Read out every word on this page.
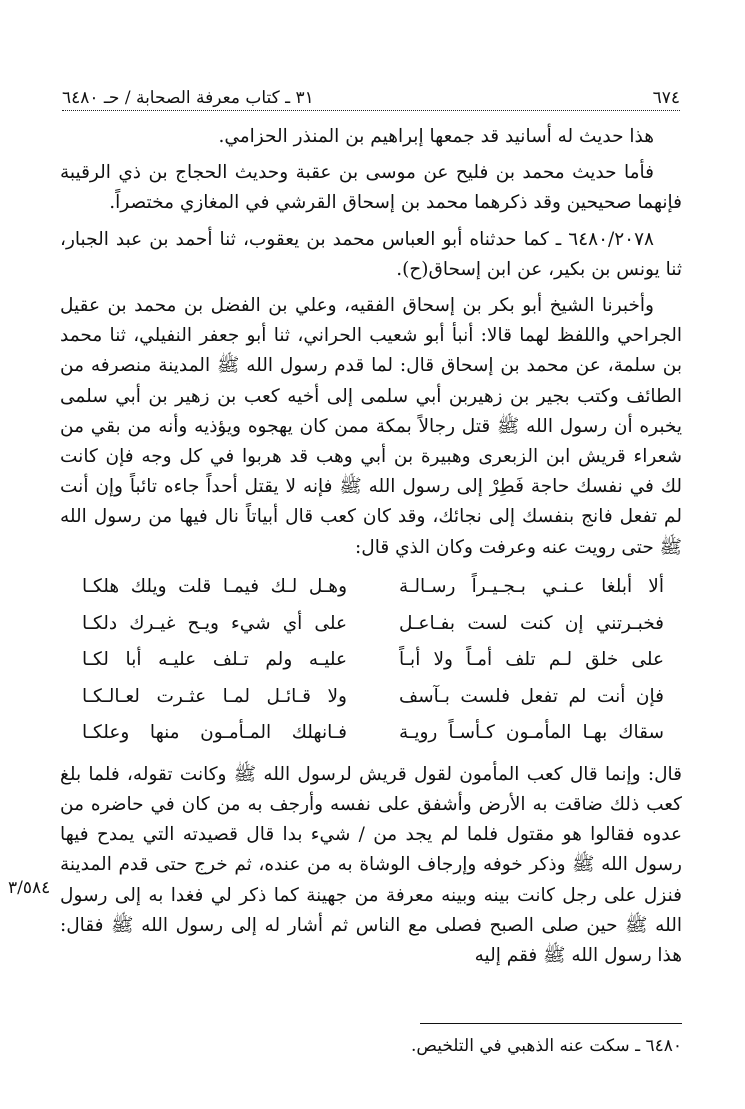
٦٧٤
٣١ ـ كتاب معرفة الصحابة / حـ ٦٤٨٠

هذا حديث له أسانيد قد جمعها إبراهيم بن المنذر الحزامي.

فأما حديث محمد بن فليح عن موسى بن عقبة وحديث الحجاج بن ذي الرقيبة فإنهما صحيحين وقد ذكرهما محمد بن إسحاق القرشي في المغازي مختصراً.

٦٤٨٠/٢٠٧٨ ـ كما حدثناه أبو العباس محمد بن يعقوب، ثنا أحمد بن عبد الجبار، ثنا يونس بن بكير، عن ابن إسحاق(ح).

وأخبرنا الشيخ أبو بكر بن إسحاق الفقيه، وعلي بن الفضل بن محمد بن عقيل الجراحي واللفظ لهما قالا: أنبأ أبو شعيب الحراني، ثنا أبو جعفر النفيلي، ثنا محمد بن سلمة، عن محمد بن إسحاق قال: لما قدم رسول الله ﷺ المدينة منصرفه من الطائف وكتب بجير بن زهيربن أبي سلمى إلى أخيه كعب بن زهير بن أبي سلمى يخبره أن رسول الله ﷺ قتل رجالاً بمكة ممن كان يهجوه ويؤذيه وأنه من بقي من شعراء قريش ابن الزبعرى وهبيرة بن أبي وهب قد هربوا في كل وجه فإن كانت لك في نفسك حاجة فَطِرْ إلى رسول الله ﷺ فإنه لا يقتل أحداً جاءه تائباً وإن أنت لم تفعل فانج بنفسك إلى نجائك، وقد كان كعب قال أبياتاً نال فيها من رسول الله ﷺ حتى رويت عنه وعرفت وكان الذي قال:

ألا أبلغا عـنـي بـجـيـراً رسـالـة
وهـل لـك فيمـا قلت ويلك هلكـا
فخبـرتني إن كنت لست بفـاعـل
على أي شيء ويـح غيـرك دلكـا
على خلق لـم تلف أمـاً ولا أبـاً
عليـه ولم تـلف عليـه أبا لكـا
فإن أنت لم تفعل فلست بـآسف
ولا قـائـل لمـا عثـرت لعـالـكـا
سقاك بهـا المأمـون كـأسـاً رويـة
فـانهلك المـأمـون منها وعلكـا

قال: وإنما قال كعب المأمون لقول قريش لرسول الله ﷺ وكانت تقوله، فلما بلغ كعب ذلك ضاقت به الأرض وأشفق على نفسه وأرجف به من كان في حاضره من عدوه فقالوا هو مقتول فلما لم يجد من / شيء بدا قال قصيدته التي يمدح فيها رسول الله ﷺ وذكر خوفه وإرجاف الوشاة به من عنده، ثم خرج حتى قدم المدينة فنزل على رجل كانت بينه وبينه معرفة من جهينة كما ذكر لي فغدا به إلى رسول الله ﷺ حين صلى الصبح فصلى مع الناس ثم أشار له إلى رسول الله ﷺ فقال: هذا رسول الله ﷺ فقم إليه

٣/٥٨٤
٦٤٨٠ ـ سكت عنه الذهبي في التلخيص.
